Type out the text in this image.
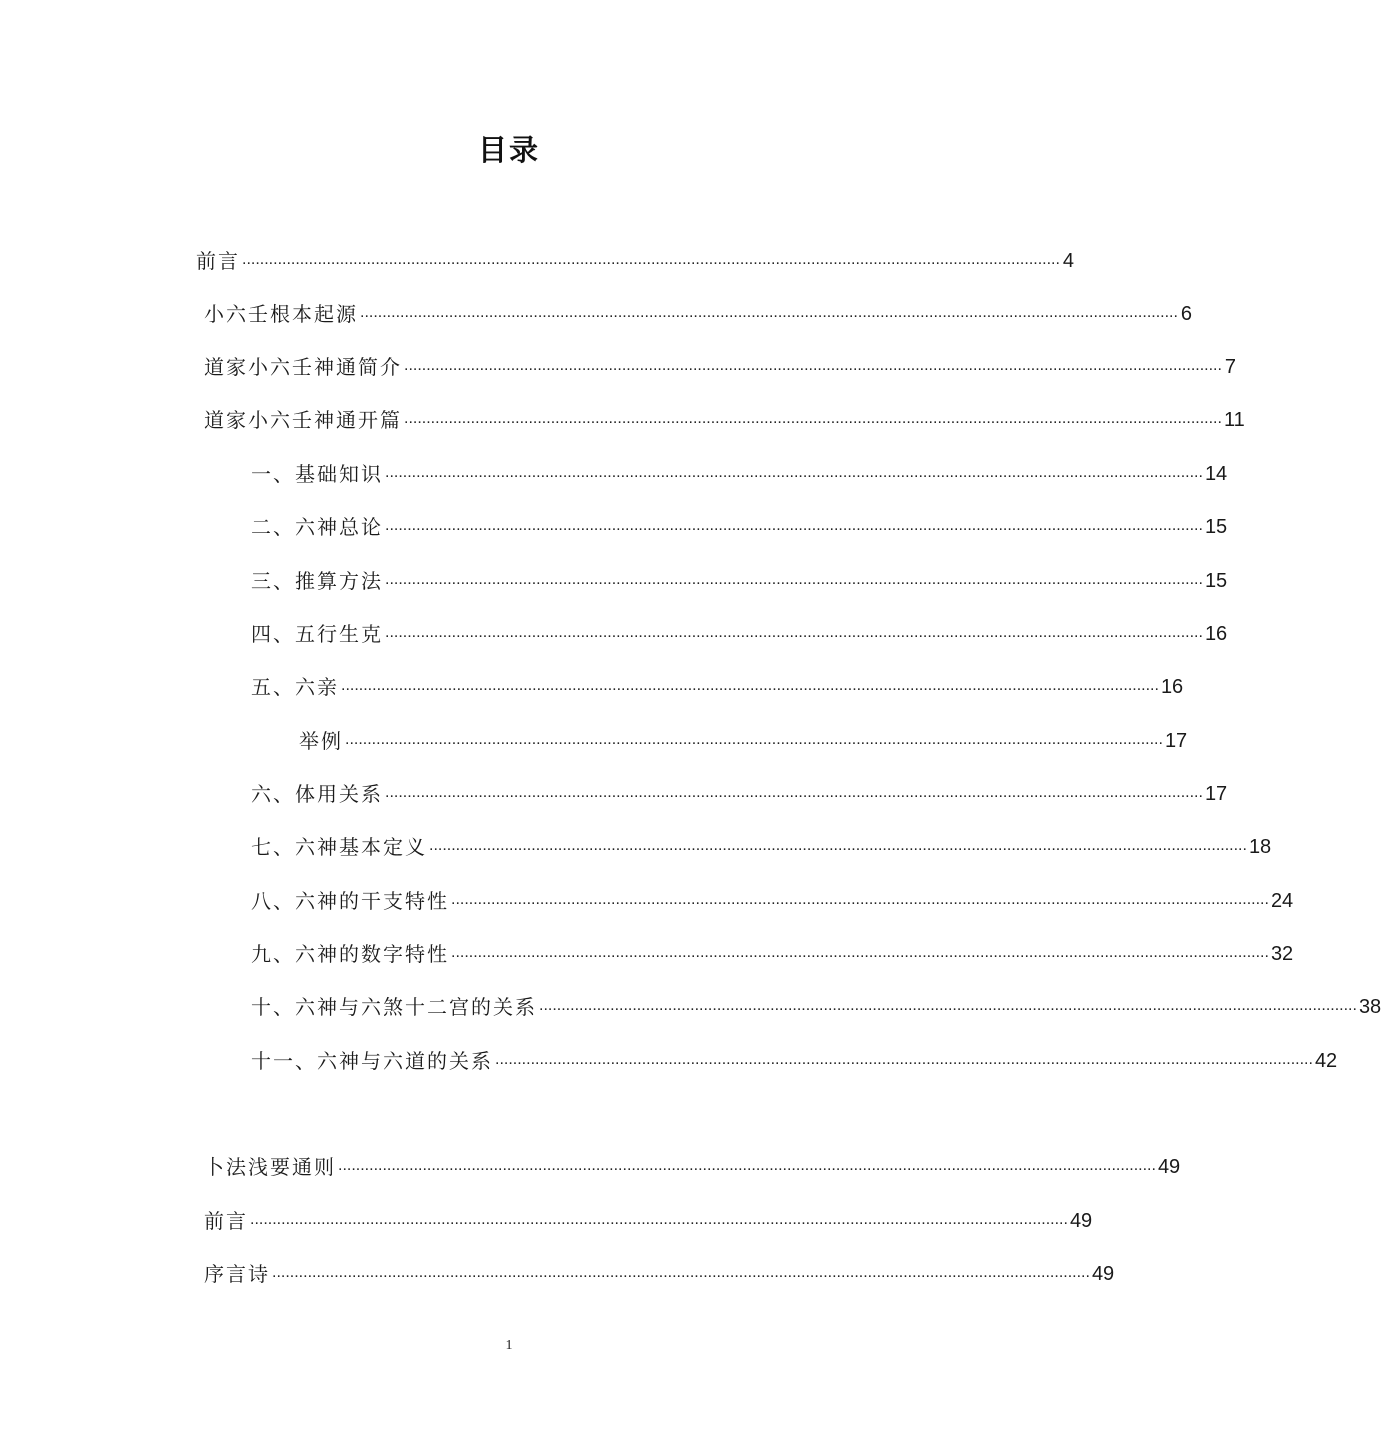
目录
前言 ........................................................................................................................................................................................ 4
小六壬根本起源 ........................................................................................................................................................................................ 6
道家小六壬神通简介 ........................................................................................................................................................................................ 7
道家小六壬神通开篇 ........................................................................................................................................................................................ 11
一、基础知识 ........................................................................................................................................................................................ 14
二、六神总论 ........................................................................................................................................................................................ 15
三、推算方法 ........................................................................................................................................................................................ 15
四、五行生克 ........................................................................................................................................................................................ 16
五、六亲 ........................................................................................................................................................................................ 16
举例 ........................................................................................................................................................................................ 17
六、体用关系 ........................................................................................................................................................................................ 17
七、六神基本定义 ........................................................................................................................................................................................ 18
八、六神的干支特性 ........................................................................................................................................................................................ 24
九、六神的数字特性 ........................................................................................................................................................................................ 32
十、六神与六煞十二宫的关系 ........................................................................................................................................................................................ 38
十一、六神与六道的关系 ........................................................................................................................................................................................ 42
卜法浅要通则 ........................................................................................................................................................................................ 49
前言 ........................................................................................................................................................................................ 49
序言诗 ........................................................................................................................................................................................ 49
1
